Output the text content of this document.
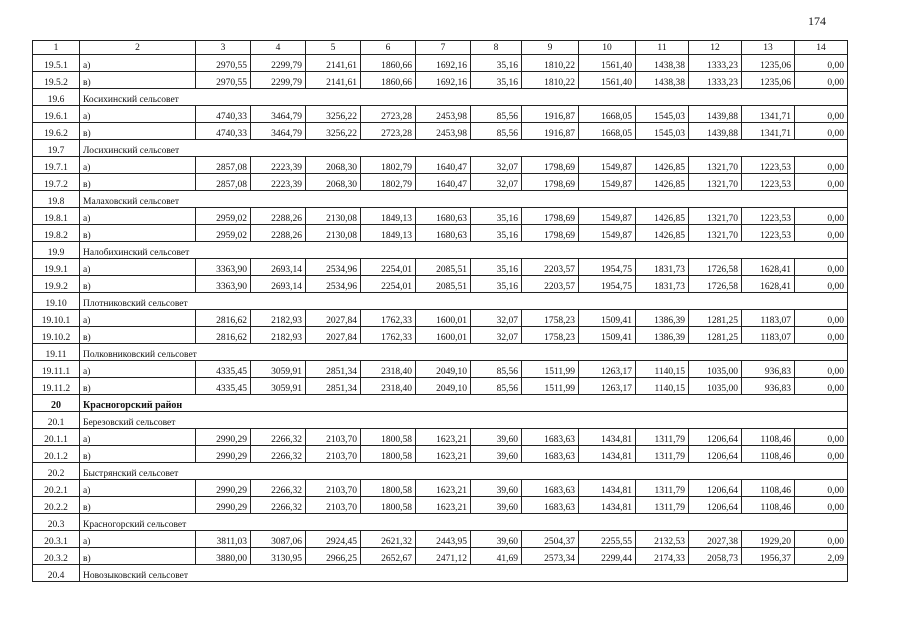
174
1	2	3	4	5	6	7	8	9	10	11	12	13	14
19.5.1	а)	2970,55	2299,79	2141,61	1860,66	1692,16	35,16	1810,22	1561,40	1438,38	1333,23	1235,06	0,00
19.5.2	в)	2970,55	2299,79	2141,61	1860,66	1692,16	35,16	1810,22	1561,40	1438,38	1333,23	1235,06	0,00
19.6	Косихинский сельсовет												
19.6.1	а)	4740,33	3464,79	3256,22	2723,28	2453,98	85,56	1916,87	1668,05	1545,03	1439,88	1341,71	0,00
19.6.2	в)	4740,33	3464,79	3256,22	2723,28	2453,98	85,56	1916,87	1668,05	1545,03	1439,88	1341,71	0,00
19.7	Лосихинский сельсовет												
19.7.1	а)	2857,08	2223,39	2068,30	1802,79	1640,47	32,07	1798,69	1549,87	1426,85	1321,70	1223,53	0,00
19.7.2	в)	2857,08	2223,39	2068,30	1802,79	1640,47	32,07	1798,69	1549,87	1426,85	1321,70	1223,53	0,00
19.8	Малаховский сельсовет												
19.8.1	а)	2959,02	2288,26	2130,08	1849,13	1680,63	35,16	1798,69	1549,87	1426,85	1321,70	1223,53	0,00
19.8.2	в)	2959,02	2288,26	2130,08	1849,13	1680,63	35,16	1798,69	1549,87	1426,85	1321,70	1223,53	0,00
19.9	Налобихинский сельсовет												
19.9.1	а)	3363,90	2693,14	2534,96	2254,01	2085,51	35,16	2203,57	1954,75	1831,73	1726,58	1628,41	0,00
19.9.2	в)	3363,90	2693,14	2534,96	2254,01	2085,51	35,16	2203,57	1954,75	1831,73	1726,58	1628,41	0,00
19.10	Плотниковский сельсовет												
19.10.1	а)	2816,62	2182,93	2027,84	1762,33	1600,01	32,07	1758,23	1509,41	1386,39	1281,25	1183,07	0,00
19.10.2	в)	2816,62	2182,93	2027,84	1762,33	1600,01	32,07	1758,23	1509,41	1386,39	1281,25	1183,07	0,00
19.11	Полковниковский сельсовет												
19.11.1	а)	4335,45	3059,91	2851,34	2318,40	2049,10	85,56	1511,99	1263,17	1140,15	1035,00	936,83	0,00
19.11.2	в)	4335,45	3059,91	2851,34	2318,40	2049,10	85,56	1511,99	1263,17	1140,15	1035,00	936,83	0,00
20	Красногорский район												
20.1	Березовский сельсовет												
20.1.1	а)	2990,29	2266,32	2103,70	1800,58	1623,21	39,60	1683,63	1434,81	1311,79	1206,64	1108,46	0,00
20.1.2	в)	2990,29	2266,32	2103,70	1800,58	1623,21	39,60	1683,63	1434,81	1311,79	1206,64	1108,46	0,00
20.2	Быстрянский сельсовет												
20.2.1	а)	2990,29	2266,32	2103,70	1800,58	1623,21	39,60	1683,63	1434,81	1311,79	1206,64	1108,46	0,00
20.2.2	в)	2990,29	2266,32	2103,70	1800,58	1623,21	39,60	1683,63	1434,81	1311,79	1206,64	1108,46	0,00
20.3	Красногорский сельсовет												
20.3.1	а)	3811,03	3087,06	2924,45	2621,32	2443,95	39,60	2504,37	2255,55	2132,53	2027,38	1929,20	0,00
20.3.2	в)	3880,00	3130,95	2966,25	2652,67	2471,12	41,69	2573,34	2299,44	2174,33	2058,73	1956,37	2,09
20.4	Новозыковский сельсовет												
